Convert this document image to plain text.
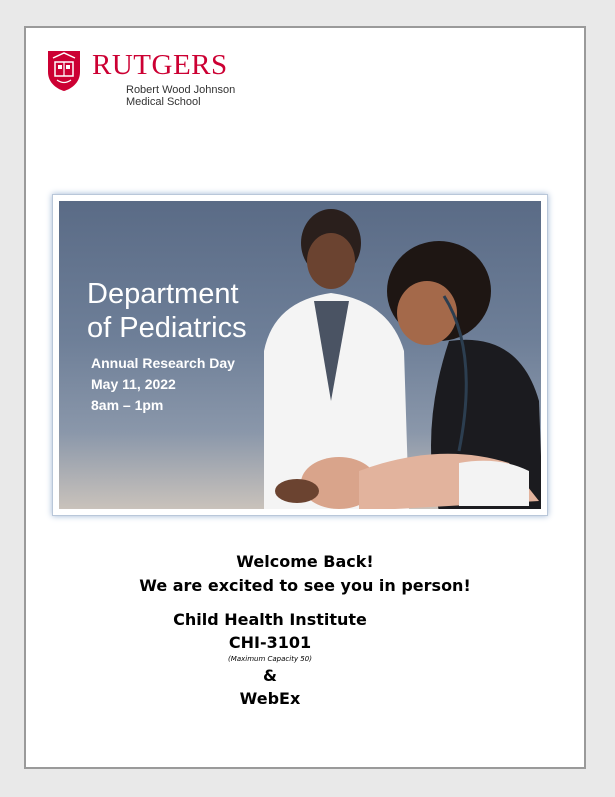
RUTGERS
Robert Wood Johnson
Medical School
Department
of Pediatrics
Annual Research Day
May 11, 2022
8am – 1pm
Welcome Back!
We are excited to see you in person!
Child Health Institute
CHI-3101
(Maximum Capacity 50)
&
WebEx
